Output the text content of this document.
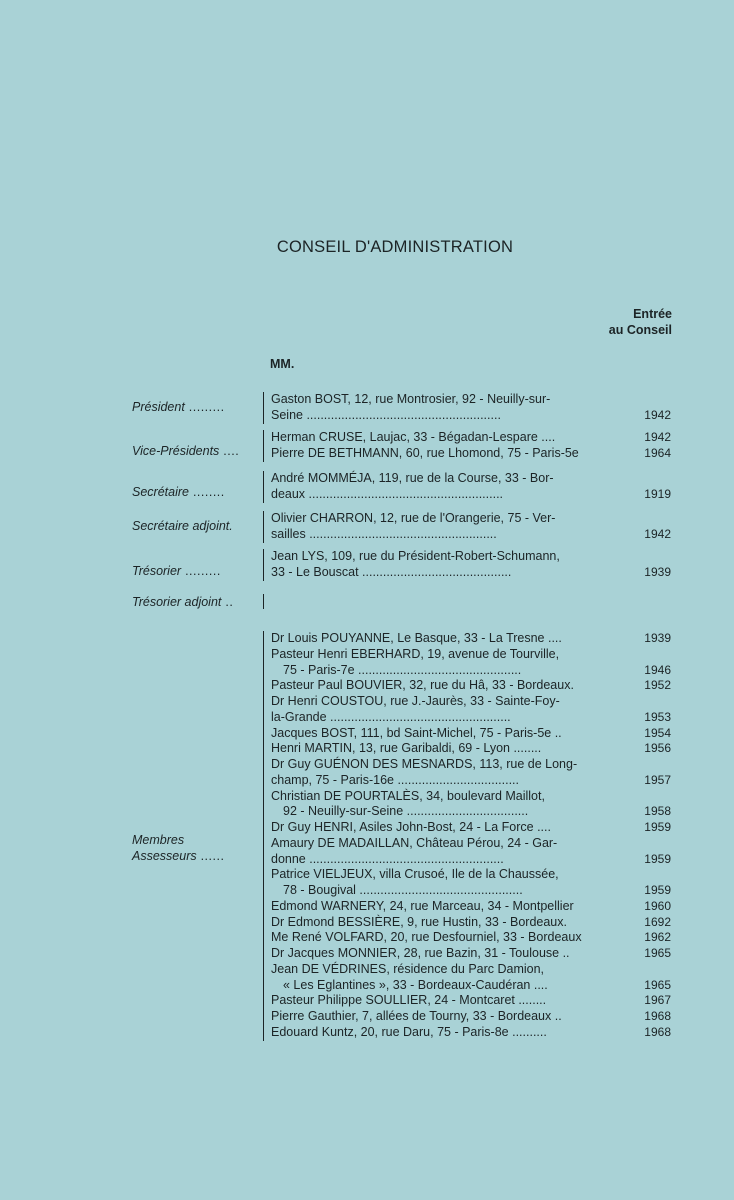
CONSEIL D'ADMINISTRATION
Entrée
au Conseil
MM.
Président .........
Gaston BOST, 12, rue Montrosier, 92 - Neuilly-sur-
Seine ........................................................	1942
Vice-Présidents ....
Herman CRUSE, Laujac, 33 - Bégadan-Lespare ....	1942
Pierre DE BETHMANN, 60, rue Lhomond, 75 - Paris-5e	1964
Secrétaire ........
André MOMMÉJA, 119, rue de la Course, 33 - Bor-
deaux ........................................................	1919
Secrétaire adjoint.
Olivier CHARRON, 12, rue de l'Orangerie, 75 - Ver-
sailles ......................................................	1942
Trésorier .........
Jean LYS, 109, rue du Président-Robert-Schumann,
33 - Le Bouscat ...........................................	1939
Trésorier adjoint ..
Membres
Assesseurs ......
Dr Louis POUYANNE, Le Basque, 33 - La Tresne ....	1939
Pasteur Henri EBERHARD, 19, avenue de Tourville,
75 - Paris-7e ...............................................	1946
Pasteur Paul BOUVIER, 32, rue du Hâ, 33 - Bordeaux.	1952
Dr Henri COUSTOU, rue J.-Jaurès, 33 - Sainte-Foy-
la-Grande ....................................................	1953
Jacques BOST, 111, bd Saint-Michel, 75 - Paris-5e ..	1954
Henri MARTIN, 13, rue Garibaldi, 69 - Lyon ........	1956
Dr Guy GUÉNON DES MESNARDS, 113, rue de Long-
champ, 75 - Paris-16e ...................................	1957
Christian DE POURTALÈS, 34, boulevard Maillot,
92 - Neuilly-sur-Seine ...................................	1958
Dr Guy HENRI, Asiles John-Bost, 24 - La Force ....	1959
Amaury DE MADAILLAN, Château Pérou, 24 - Gar-
donne ........................................................	1959
Patrice VIELJEUX, villa Crusoé, Ile de la Chaussée,
78 - Bougival ...............................................	1959
Edmond WARNERY, 24, rue Marceau, 34 - Montpellier	1960
Dr Edmond BESSIÈRE, 9, rue Hustin, 33 - Bordeaux.	1692
Me René VOLFARD, 20, rue Desfourniel, 33 - Bordeaux	1962
Dr Jacques MONNIER, 28, rue Bazin, 31 - Toulouse ..	1965
Jean DE VÉDRINES, résidence du Parc Damion,
« Les Eglantines », 33 - Bordeaux-Caudéran ....	1965
Pasteur Philippe SOULLIER, 24 - Montcaret ........	1967
Pierre Gauthier, 7, allées de Tourny, 33 - Bordeaux ..	1968
Edouard Kuntz, 20, rue Daru, 75 - Paris-8e ..........	1968
